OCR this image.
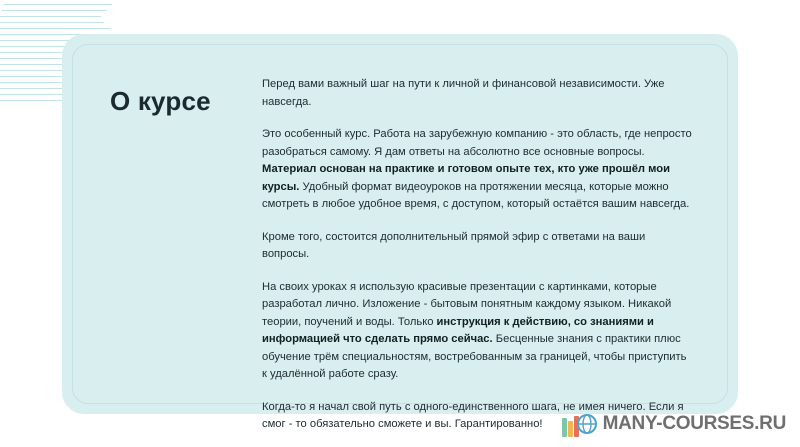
О курсе

Перед вами важный шаг на пути к личной и финансовой независимости. Уже навсегда.

Это особенный курс. Работа на зарубежную компанию - это область, где непросто разобраться самому. Я дам ответы на абсолютно все основные вопросы. Материал основан на практике и готовом опыте тех, кто уже прошёл мои курсы. Удобный формат видеоуроков на протяжении месяца, которые можно смотреть в любое удобное время, с доступом, который остаётся вашим навсегда.

Кроме того, состоится дополнительный прямой эфир с ответами на ваши вопросы.

На своих уроках я использую красивые презентации с картинками, которые разработал лично. Изложение - бытовым понятным каждому языком. Никакой теории, поучений и воды. Только инструкция к действию, со знаниями и информацией что сделать прямо сейчас. Бесценные знания с практики плюс обучение трём специальностям, востребованным за границей, чтобы приступить к удалённой работе сразу.

Когда-то я начал свой путь с одного-единственного шага, не имея ничего. Если я смог - то обязательно сможете и вы. Гарантированно!	MANY-COURSES.RU
